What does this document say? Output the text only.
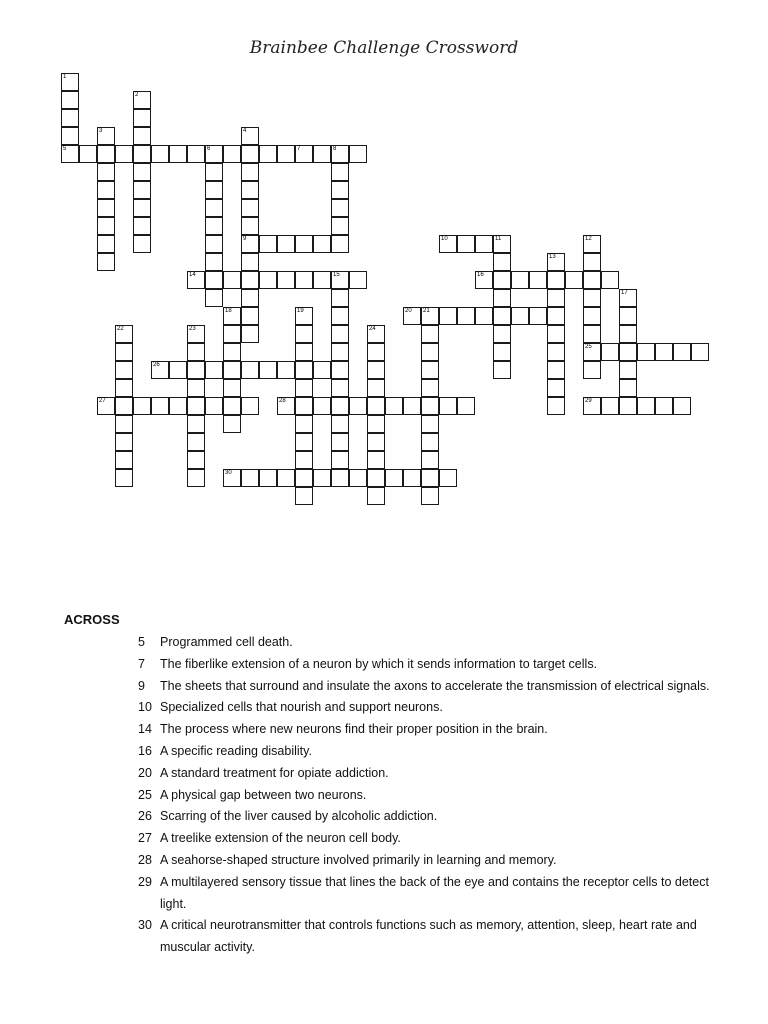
Brainbee Challenge Crossword
1
5
2
3	4
9
6	7	8
10	11	12
25
13
14	15	16
17
18	19	20 21
22	23	24
26
27	28	29
30
ACROSS
5	Programmed cell death.
7	The fiberlike extension of a neuron by which it sends information to target cells.
9	The sheets that surround and insulate the axons to accelerate the transmission of electrical signals.
10 Specialized cells that nourish and support neurons.
14 The process where new neurons find their proper position in the brain.
16 A specific reading disability.
20 A standard treatment for opiate addiction.
25 A physical gap between two neurons.
26 Scarring of the liver caused by alcoholic addiction.
27 A treelike extension of the neuron cell body.
28 A seahorse-shaped structure involved primarily in learning and memory.
29 A multilayered sensory tissue that lines the back of the eye and contains the receptor cells to detect light.
30 A critical neurotransmitter that controls functions such as memory, attention, sleep, heart rate and muscular activity.
